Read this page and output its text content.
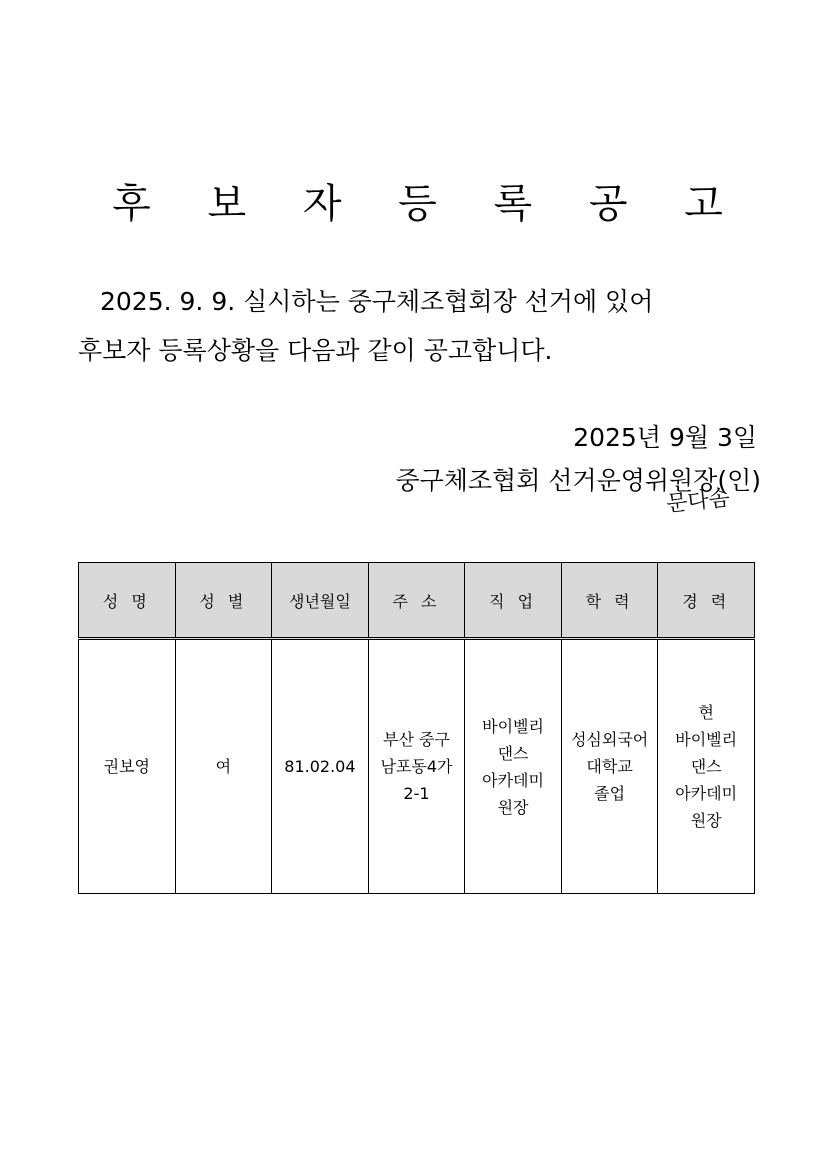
후 보 자 등 록 공 고
2025. 9. 9. 실시하는 중구체조협회장 선거에 있어
후보자 등록상황을 다음과 같이 공고합니다.
2025년 9월 3일
중구체조협회 선거운영위원장(인)
문다솜
성 명	성 별	생년월일	주 소	직 업	학 력	경 력
권보영	여	81.02.04	부산 중구
남포동4가
2-1	바이벨리
댄스
아카데미
원장	성심외국어
대학교
졸업	현
바이벨리
댄스
아카데미
원장
